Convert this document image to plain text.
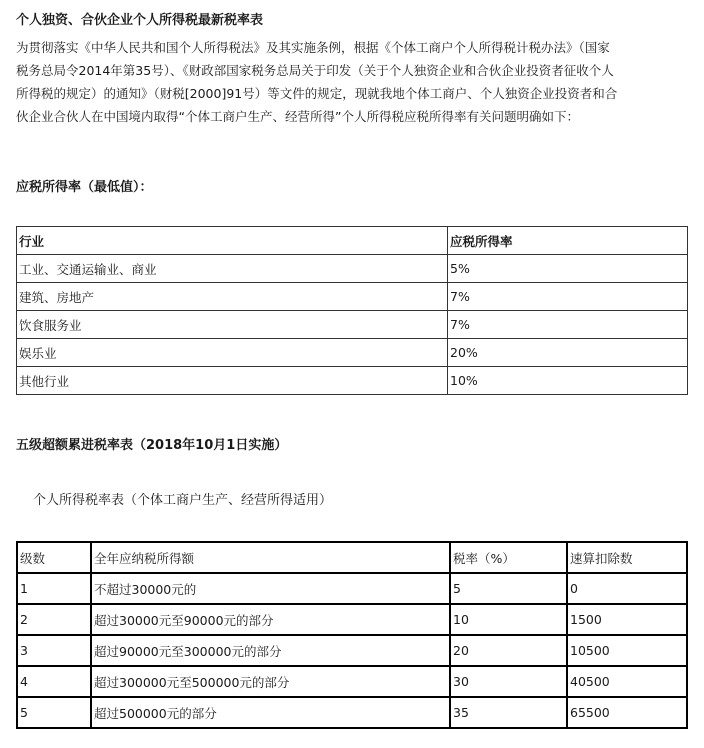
个人独资、合伙企业个人所得税最新税率表
为贯彻落实《中华人民共和国个人所得税法》及其实施条例，根据《个体工商户个人所得税计税办法》（国家
税务总局令2014年第35号）、《财政部国家税务总局关于印发（关于个人独资企业和合伙企业投资者征收个人
所得税的规定）的通知》（财税[2000]91号）等文件的规定，现就我地个体工商户、个人独资企业投资者和合
伙企业合伙人在中国境内取得“个体工商户生产、经营所得”个人所得税应税所得率有关问题明确如下：
应税所得率（最低值）：
行业	应税所得率
工业、交通运输业、商业	5%
建筑、房地产	7%
饮食服务业	7%
娱乐业	20%
其他行业	10%
五级超额累进税率表（2018年10月1日实施）
个人所得税率表（个体工商户生产、经营所得适用）
级数	全年应纳税所得额	税率（%）	速算扣除数
1	不超过30000元的	5	0
2	超过30000元至90000元的部分	10	1500
3	超过90000元至300000元的部分	20	10500
4	超过300000元至500000元的部分	30	40500
5	超过500000元的部分	35	65500
